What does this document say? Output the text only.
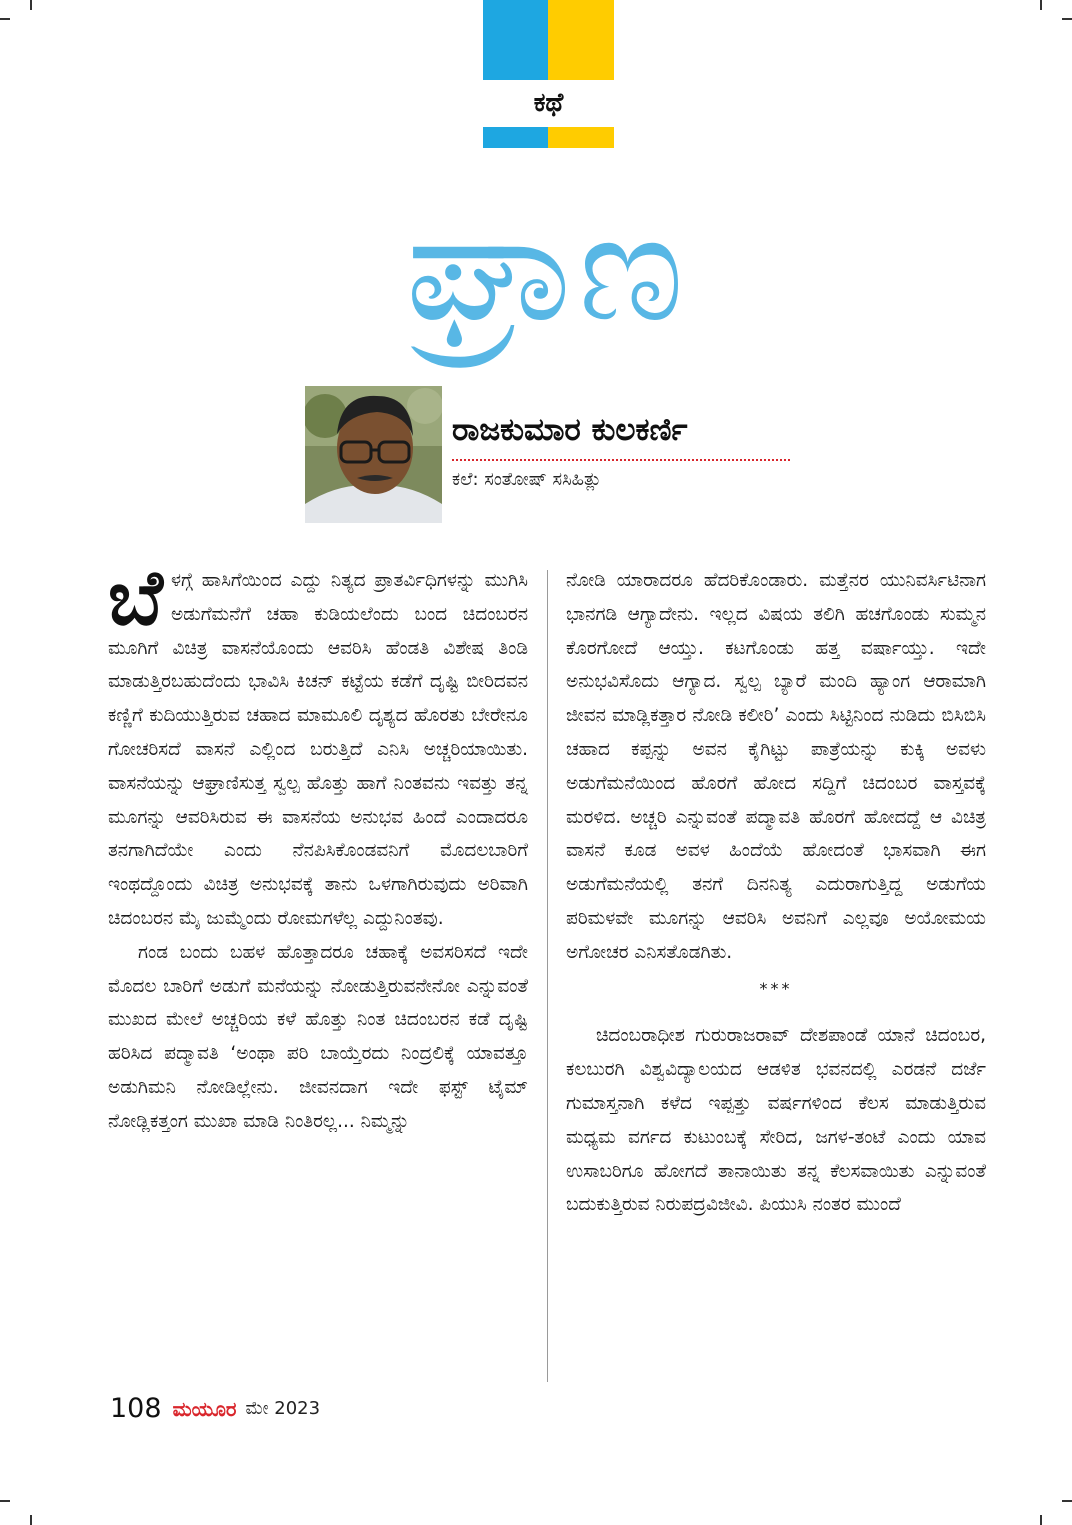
ಕಥೆ
ಘ್ರಾಣ
ರಾಜಕುಮಾರ ಕುಲಕರ್ಣಿ
ಕಲೆ: ಸಂತೋಷ್ ಸಸಿಹಿತ್ಲು

ಬೆಳಗ್ಗೆ ಹಾಸಿಗೆಯಿಂದ ಎದ್ದು ನಿತ್ಯದ ಪ್ರಾತರ್ವಿಧಿಗಳನ್ನು ಮುಗಿಸಿ ಅಡುಗೆಮನೆಗೆ ಚಹಾ ಕುಡಿಯಲೆಂದು ಬಂದ ಚಿದಂಬರನ ಮೂಗಿಗೆ ವಿಚಿತ್ರ ವಾಸನೆಯೊಂದು ಆವರಿಸಿ ಹೆಂಡತಿ ವಿಶೇಷ ತಿಂಡಿ ಮಾಡುತ್ತಿರಬಹುದೆಂದು ಭಾವಿಸಿ ಕಿಚನ್ ಕಟ್ಟೆಯ ಕಡೆಗೆ ದೃಷ್ಟಿ ಬೀರಿದವನ ಕಣ್ಣಿಗೆ ಕುದಿಯುತ್ತಿರುವ ಚಹಾದ ಮಾಮೂಲಿ ದೃಶ್ಯದ ಹೊರತು ಬೇರೇನೂ ಗೋಚರಿಸದೆ ವಾಸನೆ ಎಲ್ಲಿಂದ ಬರುತ್ತಿದೆ ಎನಿಸಿ ಅಚ್ಚರಿಯಾಯಿತು. ವಾಸನೆಯನ್ನು ಆಘ್ರಾಣಿಸುತ್ತ ಸ್ವಲ್ಪ ಹೊತ್ತು ಹಾಗೆ ನಿಂತವನು ಇವತ್ತು ತನ್ನ ಮೂಗನ್ನು ಆವರಿಸಿರುವ ಈ ವಾಸನೆಯ ಅನುಭವ ಹಿಂದೆ ಎಂದಾದರೂ ತನಗಾಗಿದೆಯೇ ಎಂದು ನೆನಪಿಸಿಕೊಂಡವನಿಗೆ ಮೊದಲಬಾರಿಗೆ ಇಂಥದ್ದೊಂದು ವಿಚಿತ್ರ ಅನುಭವಕ್ಕೆ ತಾನು ಒಳಗಾಗಿರುವುದು ಅರಿವಾಗಿ ಚಿದಂಬರನ ಮೈ ಜುಮ್ಮೆಂದು ರೋಮಗಳೆಲ್ಲ ಎದ್ದುನಿಂತವು.

ಗಂಡ ಬಂದು ಬಹಳ ಹೊತ್ತಾದರೂ ಚಹಾಕ್ಕೆ ಅವಸರಿಸದೆ ಇದೇ ಮೊದಲ ಬಾರಿಗೆ ಅಡುಗೆ ಮನೆಯನ್ನು ನೋಡುತ್ತಿರುವನೇನೋ ಎನ್ನುವಂತೆ ಮುಖದ ಮೇಲೆ ಅಚ್ಚರಿಯ ಕಳೆ ಹೊತ್ತು ನಿಂತ ಚಿದಂಬರನ ಕಡೆ ದೃಷ್ಟಿ ಹರಿಸಿದ ಪದ್ಮಾವತಿ ‘ಅಂಥಾ ಪರಿ ಬಾಯ್ತೆರದು ನಿಂದ್ರಲಿಕ್ಕೆ ಯಾವತ್ತೂ ಅಡುಗಿಮನಿ ನೋಡಿಲ್ಲೇನು. ಜೀವನದಾಗ ಇದೇ ಫಸ್ಟ್ ಟೈಮ್ ನೋಡ್ಲಿಕತ್ತಂಗ ಮುಖಾ ಮಾಡಿ ನಿಂತಿರಲ್ಲ... ನಿಮ್ಮನ್ನು

ನೋಡಿ ಯಾರಾದರೂ ಹೆದರಿಕೊಂಡಾರು. ಮತ್ತೆನರ ಯುನಿವರ್ಸಿಟಿನಾಗ ಭಾನಗಡಿ ಆಗ್ಯಾದೇನು. ಇಲ್ಲದ ವಿಷಯ ತಲಿಗಿ ಹಚಗೊಂಡು ಸುಮ್ಮನ ಕೊರಗೋದೆ ಆಯ್ತು. ಕಟಗೊಂಡು ಹತ್ತ ವರ್ಷಾಯ್ತು. ಇದೇ ಅನುಭವಿಸೊದು ಆಗ್ಯಾದ. ಸ್ವಲ್ಪ ಬ್ಯಾರೆ ಮಂದಿ ಹ್ಯಾಂಗ ಆರಾಮಾಗಿ ಜೀವನ ಮಾಡ್ಲಿಕತ್ತಾರ ನೋಡಿ ಕಲೀರಿ’ ಎಂದು ಸಿಟ್ಟಿನಿಂದ ನುಡಿದು ಬಿಸಿಬಿಸಿ ಚಹಾದ ಕಪ್ಪನ್ನು ಅವನ ಕೈಗಿಟ್ಟು ಪಾತ್ರೆಯನ್ನು ಕುಕ್ಕಿ ಅವಳು ಅಡುಗೆಮನೆಯಿಂದ ಹೊರಗೆ ಹೋದ ಸದ್ದಿಗೆ ಚಿದಂಬರ ವಾಸ್ತವಕ್ಕೆ ಮರಳಿದ. ಅಚ್ಚರಿ ಎನ್ನುವಂತೆ ಪದ್ಮಾವತಿ ಹೊರಗೆ ಹೋದದ್ದೆ ಆ ವಿಚಿತ್ರ ವಾಸನೆ ಕೂಡ ಅವಳ ಹಿಂದೆಯೆ ಹೋದಂತೆ ಭಾಸವಾಗಿ ಈಗ ಅಡುಗೆಮನೆಯಲ್ಲಿ ತನಗೆ ದಿನನಿತ್ಯ ಎದುರಾಗುತ್ತಿದ್ದ ಅಡುಗೆಯ ಪರಿಮಳವೇ ಮೂಗನ್ನು ಆವರಿಸಿ ಅವನಿಗೆ ಎಲ್ಲವೂ ಅಯೋಮಯ ಅಗೋಚರ ಎನಿಸತೊಡಗಿತು.

***

ಚಿದಂಬರಾಧೀಶ ಗುರುರಾಜರಾವ್ ದೇಶಪಾಂಡೆ ಯಾನೆ ಚಿದಂಬರ, ಕಲಬುರಗಿ ವಿಶ್ವವಿದ್ಯಾಲಯದ ಆಡಳಿತ ಭವನದಲ್ಲಿ ಎರಡನೆ ದರ್ಜೆ ಗುಮಾಸ್ತನಾಗಿ ಕಳೆದ ಇಪ್ಪತ್ತು ವರ್ಷಗಳಿಂದ ಕೆಲಸ ಮಾಡುತ್ತಿರುವ ಮಧ್ಯಮ ವರ್ಗದ ಕುಟುಂಬಕ್ಕೆ ಸೇರಿದ, ಜಗಳ-ತಂಟೆ ಎಂದು ಯಾವ ಉಸಾಬರಿಗೂ ಹೋಗದೆ ತಾನಾಯಿತು ತನ್ನ ಕೆಲಸವಾಯಿತು ಎನ್ನುವಂತೆ ಬದುಕುತ್ತಿರುವ ನಿರುಪದ್ರವಿಜೀವಿ. ಪಿಯುಸಿ ನಂತರ ಮುಂದೆ

108 ಮಯೂರ ಮೇ 2023
